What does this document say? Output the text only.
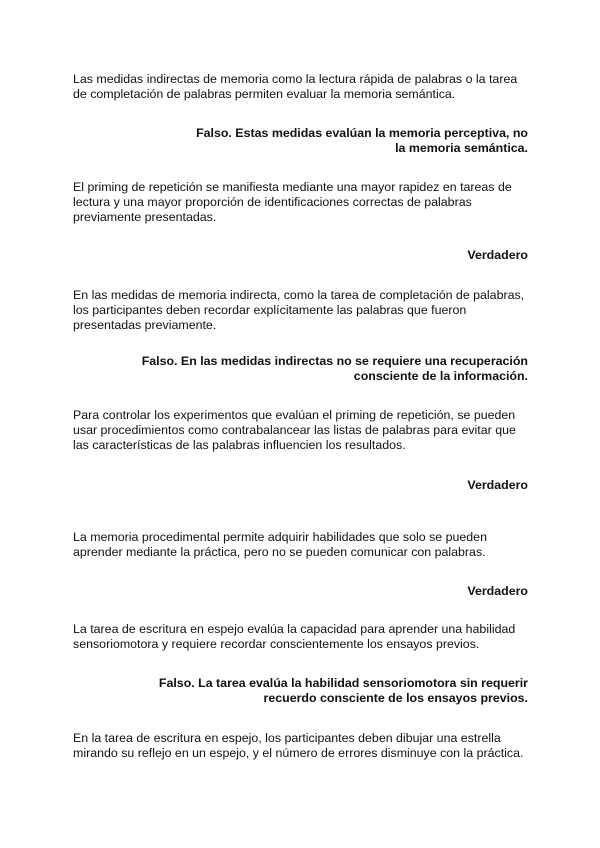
Las medidas indirectas de memoria como la lectura rápida de palabras o la tarea de completación de palabras permiten evaluar la memoria semántica.

Falso. Estas medidas evalúan la memoria perceptiva, no la memoria semántica.

El priming de repetición se manifiesta mediante una mayor rapidez en tareas de lectura y una mayor proporción de identificaciones correctas de palabras previamente presentadas.

Verdadero

En las medidas de memoria indirecta, como la tarea de completación de palabras, los participantes deben recordar explícitamente las palabras que fueron presentadas previamente.

Falso. En las medidas indirectas no se requiere una recuperación consciente de la información.

Para controlar los experimentos que evalúan el priming de repetición, se pueden usar procedimientos como contrabalancear las listas de palabras para evitar que las características de las palabras influencien los resultados.

Verdadero

La memoria procedimental permite adquirir habilidades que solo se pueden aprender mediante la práctica, pero no se pueden comunicar con palabras.

Verdadero

La tarea de escritura en espejo evalúa la capacidad para aprender una habilidad sensoriomotora y requiere recordar conscientemente los ensayos previos.

Falso. La tarea evalúa la habilidad sensoriomotora sin requerir recuerdo consciente de los ensayos previos.

En la tarea de escritura en espejo, los participantes deben dibujar una estrella mirando su reflejo en un espejo, y el número de errores disminuye con la práctica.
